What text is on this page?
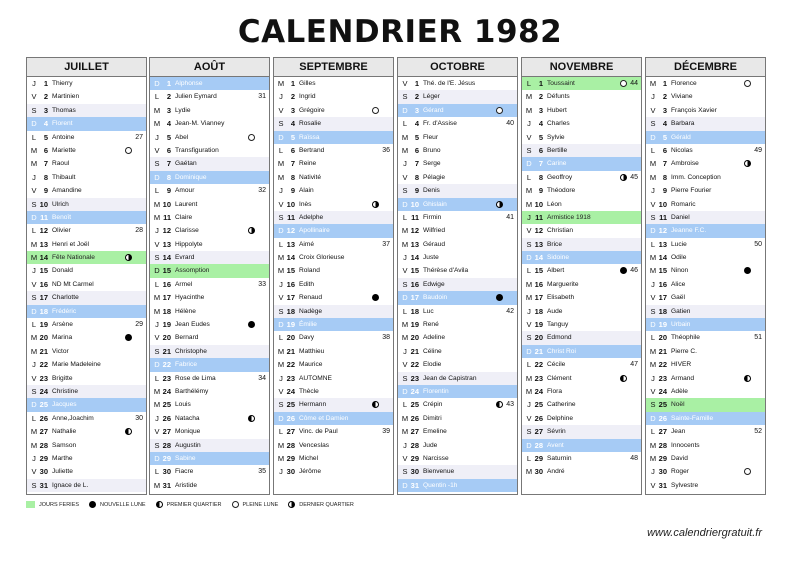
CALENDRIER 1982
JUILLET
J	1 Thierry
V 2 Martinien
S 3 Thomas
D 4 Florent
L	5 Antoine	27
M 6 Mariette
M 7 Raoul
J	8 Thibault
V 9 Amandine
S 10 Ulrich
D 11 Benoît
L 12 Olivier	28
M 13 Henri et Joël
M 14 Fête Nationale
J 15 Donald
V 16 ND Mt Carmel
S 17 Charlotte
D 18 Frédéric
L 19 Arsène	29
M 20 Marina
M 21 Victor
J 22 Marie Madeleine
V 23 Brigitte
S 24 Christine
D 25 Jacques
L 26 Anne,Joachim	30
M 27 Nathalie
M 28 Samson
J 29 Marthe
V 30 Juliette
S 31 Ignace de L.
AOÛT
D 1 Alphonse
L	2 Julien Eymard	31
M 3 Lydie
M 4 Jean-M. Vianney
J	5 Abel
V 6 Transfiguration
S 7 Gaétan
D 8 Dominique
L	9 Amour	32
M 10 Laurent
M 11 Claire
J 12 Clarisse
V 13 Hippolyte
S 14 Evrard
D 15 Assomption
L 16 Armel	33
M 17 Hyacinthe
M 18 Hélène
J 19 Jean Eudes
V 20 Bernard
S 21 Christophe
D 22 Fabrice
L 23 Rose de Lima	34
M 24 Barthélémy
M 25 Louis
J 26 Natacha
V 27 Monique
S 28 Augustin
D 29 Sabine
L 30 Fiacre	35
M 31 Aristide
SEPTEMBRE
M 1 Gilles
J	2 Ingrid
V 3 Grégoire
S 4 Rosalie
D 5 Raïssa
L	6 Bertrand	36
M 7 Reine
M 8 Nativité
J	9 Alain
V 10 Inès
S 11 Adelphe
D 12 Apollinaire
L 13 Aimé	37
M 14 Croix Glorieuse
M 15 Roland
J 16 Edith
V 17 Renaud
S 18 Nadège
D 19 Émilie
L 20 Davy	38
M 21 Matthieu
M 22 Maurice
J 23 AUTOMNE
V 24 Thècle
S 25 Hermann
D 26 Côme et Damien
L 27 Vinc. de Paul	39
M 28 Venceslas
M 29 Michel
J 30 Jérôme
OCTOBRE
V 1 Thé. de l'E. Jésus
S 2 Léger
D 3 Gérard
L	4 Fr. d'Assise	40
M 5 Fleur
M 6 Bruno
J	7 Serge
V 8 Pélagie
S 9 Denis
D 10 Ghislain
L 11 Firmin	41
M 12 Wilfried
M 13 Géraud
J 14 Juste
V 15 Thérèse d'Avila
S 16 Edwige
D 17 Baudoin
L 18 Luc	42
M 19 René
M 20 Adeline
J 21 Céline
V 22 Elodie
S 23 Jean de Capistran
D 24 Florentin
L 25 Crépin	43
M 26 Dimitri
M 27 Emeline
J 28 Jude
V 29 Narcisse
S 30 Bienvenue
D 31 Quentin -1h
NOVEMBRE
L	1 Toussaint	44
M 2 Défunts
M 3 Hubert
J	4 Charles
V 5 Sylvie
S 6 Bertille
D 7 Carine
L	8 Geoffroy	45
M 9 Théodore
M 10 Léon
J 11 Armistice 1918
V 12 Christian
S 13 Brice
D 14 Sidoine
L 15 Albert	46
M 16 Marguerite
M 17 Elisabeth
J 18 Aude
V 19 Tanguy
S 20 Edmond
D 21 Christ Roi
L 22 Cécile	47
M 23 Clément
M 24 Flora
J 25 Catherine
V 26 Delphine
S 27 Sévrin
D 28 Avent
L 29 Saturnin	48
M 30 André
DÉCEMBRE
M 1 Florence
J	2 Viviane
V 3 François Xavier
S 4 Barbara
D 5 Gérald
L	6 Nicolas	49
M 7 Ambroise
M 8 Imm. Conception
J	9 Pierre Fourier
V 10 Romaric
S 11 Daniel
D 12 Jeanne F.C.
L 13 Lucie	50
M 14 Odile
M 15 Ninon
J 16 Alice
V 17 Gaël
S 18 Gatien
D 19 Urbain
L 20 Théophile	51
M 21 Pierre C.
M 22 HIVER
J 23 Armand
V 24 Adèle
S 25 Noël
D 26 Sainte-Famille
L 27 Jean	52
M 28 Innocents
M 29 David
J 30 Roger
V 31 Sylvestre
JOURS FERIES	NOUVELLE LUNE	PREMIER QUARTIER	PLEINE LUNE	DERNIER QUARTIER
www.calendriergratuit.fr
